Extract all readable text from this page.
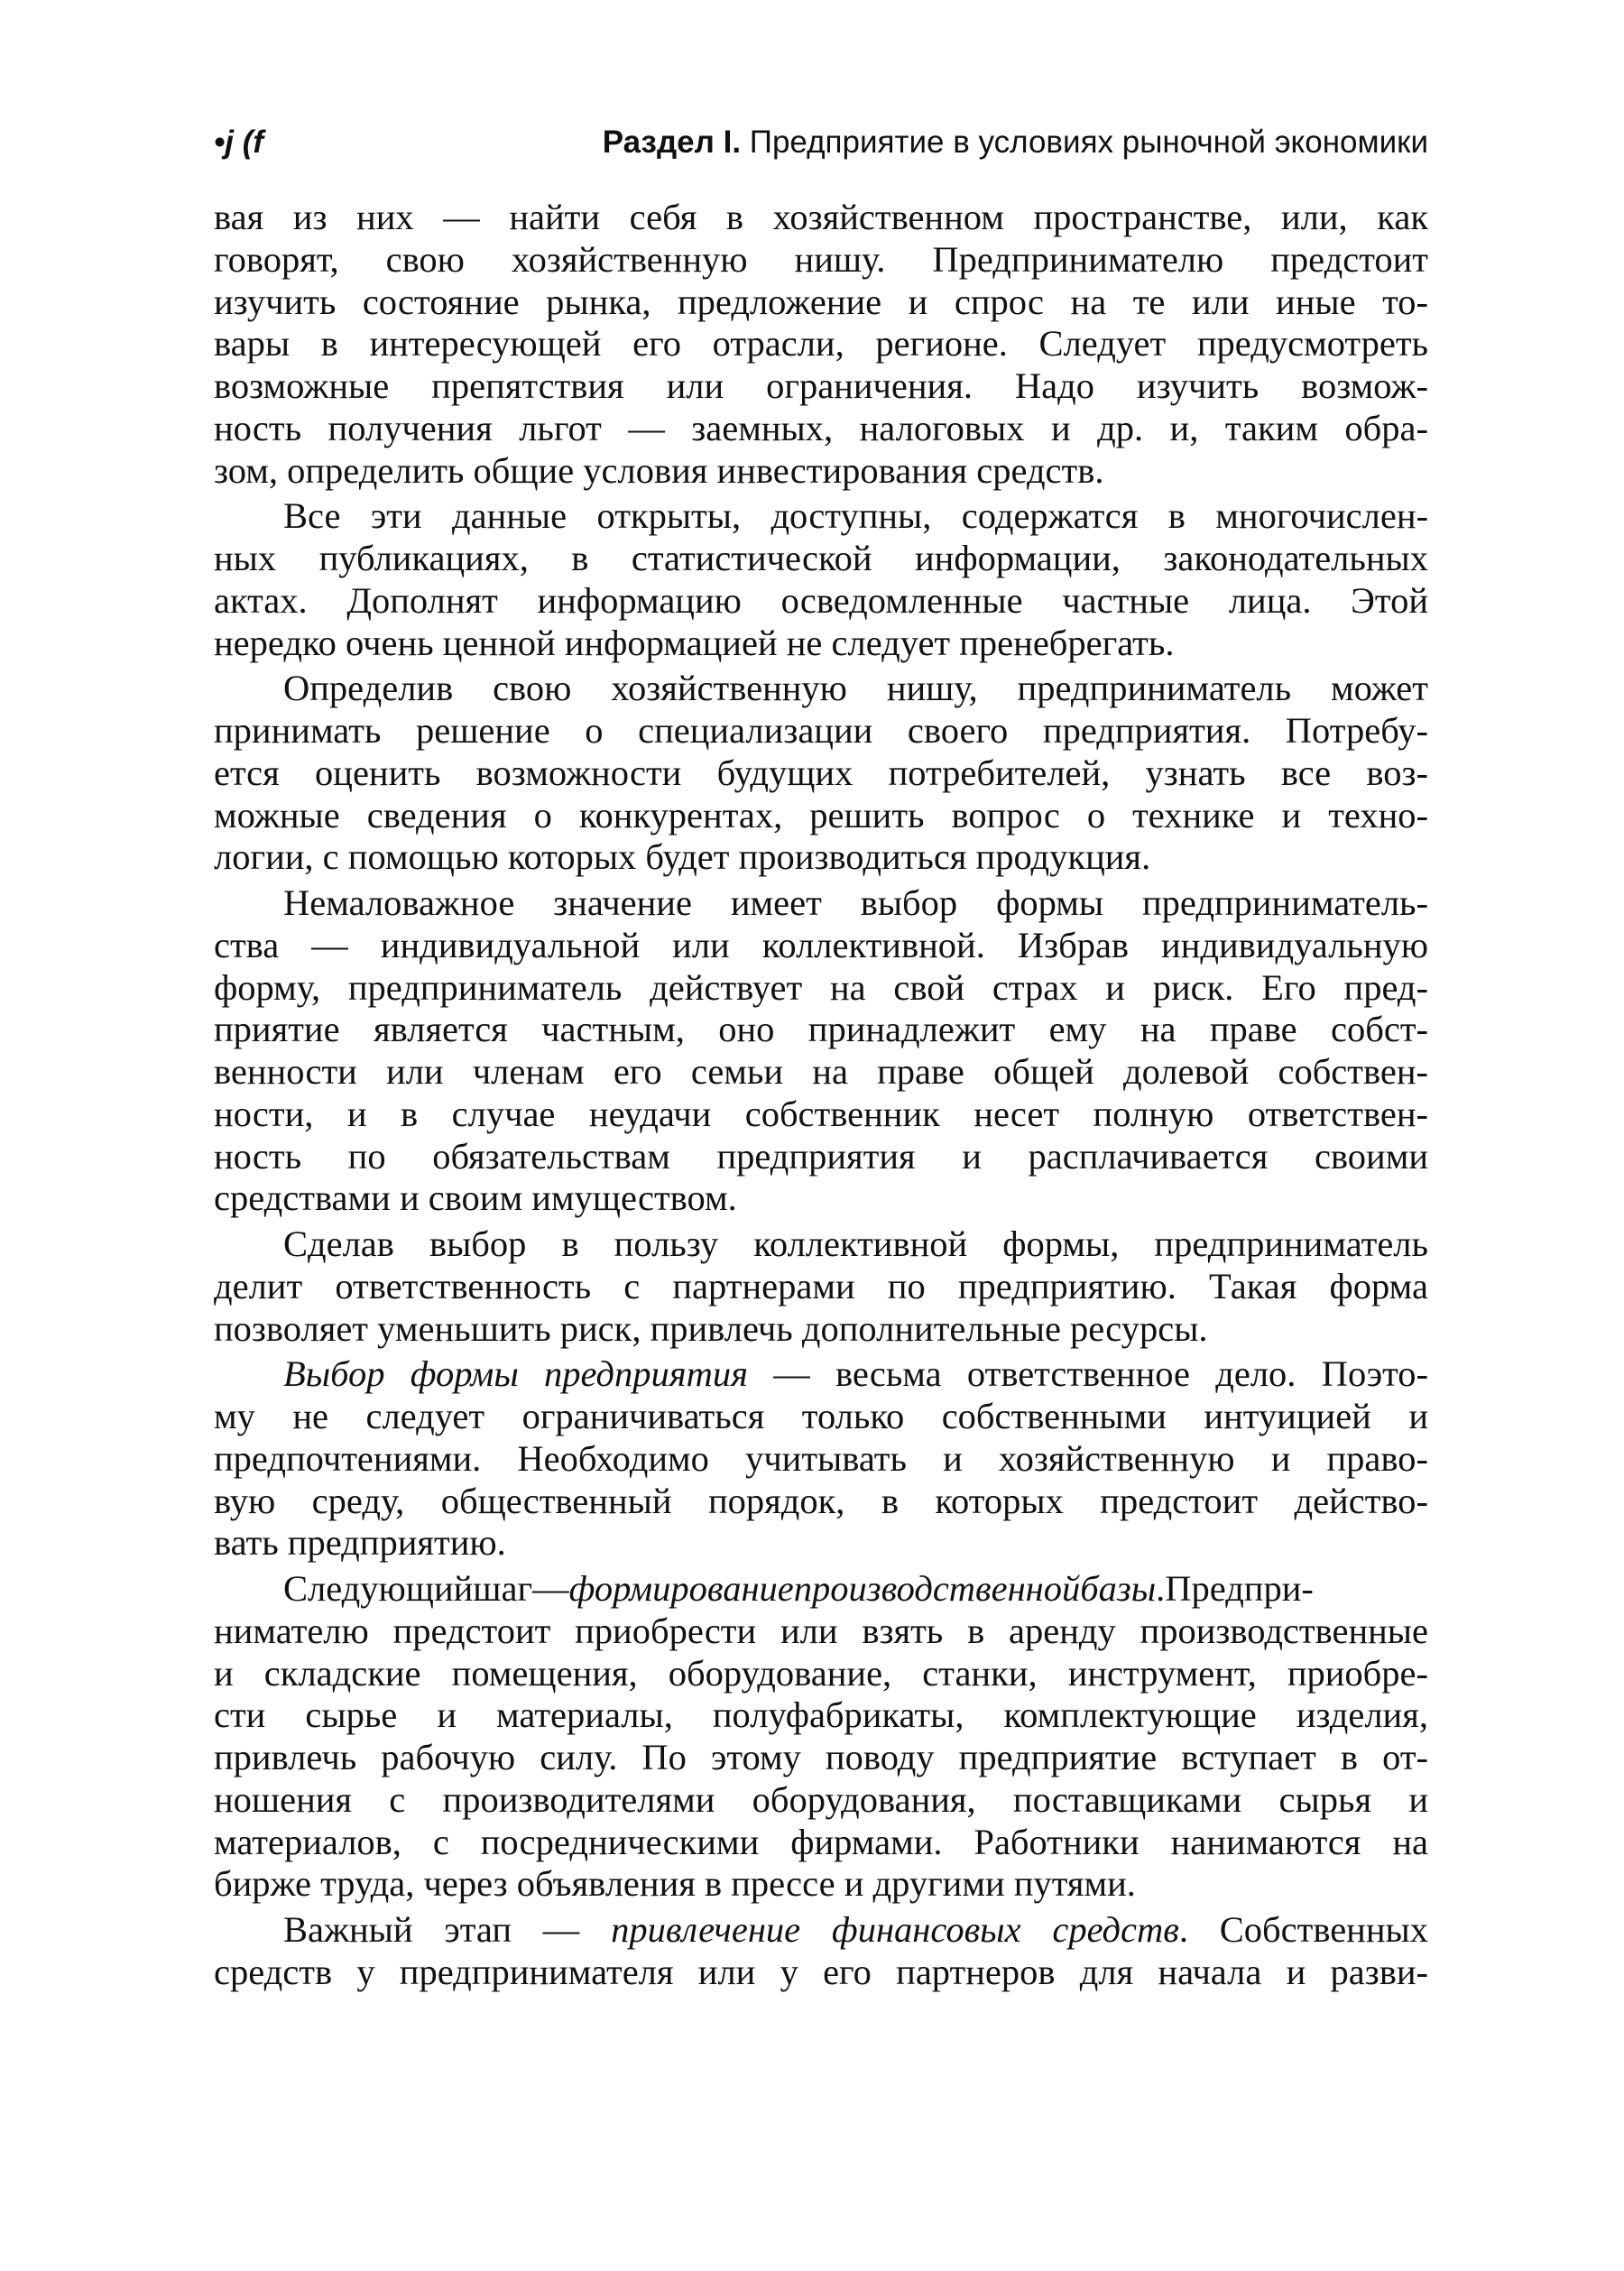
•j (f	Раздел I. Предприятие в условиях рыночной экономики

вая из них — найти себя в хозяйственном пространстве, или, как
говорят, свою хозяйственную нишу. Предпринимателю предстоит
изучить состояние рынка, предложение и спрос на те или иные то-
вары в интересующей его отрасли, регионе. Следует предусмотреть
возможные препятствия или ограничения. Надо изучить возмож-
ность получения льгот — заемных, налоговых и др. и, таким обра-
зом, определить общие условия инвестирования средств.

Все эти данные открыты, доступны, содержатся в многочислен-
ных публикациях, в статистической информации, законодательных
актах. Дополнят информацию осведомленные частные лица. Этой
нередко очень ценной информацией не следует пренебрегать.

Определив свою хозяйственную нишу, предприниматель может
принимать решение о специализации своего предприятия. Потребу-
ется оценить возможности будущих потребителей, узнать все воз-
можные сведения о конкурентах, решить вопрос о технике и техно-
логии, с помощью которых будет производиться продукция.

Немаловажное значение имеет выбор формы предприниматель-
ства — индивидуальной или коллективной. Избрав индивидуальную
форму, предприниматель действует на свой страх и риск. Его пред-
приятие является частным, оно принадлежит ему на праве собст-
венности или членам его семьи на праве общей долевой собствен-
ности, и в случае неудачи собственник несет полную ответствен-
ность по обязательствам предприятия и расплачивается своими
средствами и своим имуществом.

Сделав выбор в пользу коллективной формы, предприниматель
делит ответственность с партнерами по предприятию. Такая форма
позволяет уменьшить риск, привлечь дополнительные ресурсы.

Выбор формы предприятия — весьма ответственное дело. Поэто-
му не следует ограничиваться только собственными интуицией и
предпочтениями. Необходимо учитывать и хозяйственную и право-
вую среду, общественный порядок, в которых предстоит действо-
вать предприятию.

Следующийшаг—формированиепроизводственнойбазы.Предпри-
нимателю предстоит приобрести или взять в аренду производственные
и складские помещения, оборудование, станки, инструмент, приобре-
сти сырье и материалы, полуфабрикаты, комплектующие изделия,
привлечь рабочую силу. По этому поводу предприятие вступает в от-
ношения с производителями оборудования, поставщиками сырья и
материалов, с посредническими фирмами. Работники нанимаются на
бирже труда, через объявления в прессе и другими путями.

Важный этап — привлечение финансовых средств. Собственных
средств у предпринимателя или у его партнеров для начала и разви-
